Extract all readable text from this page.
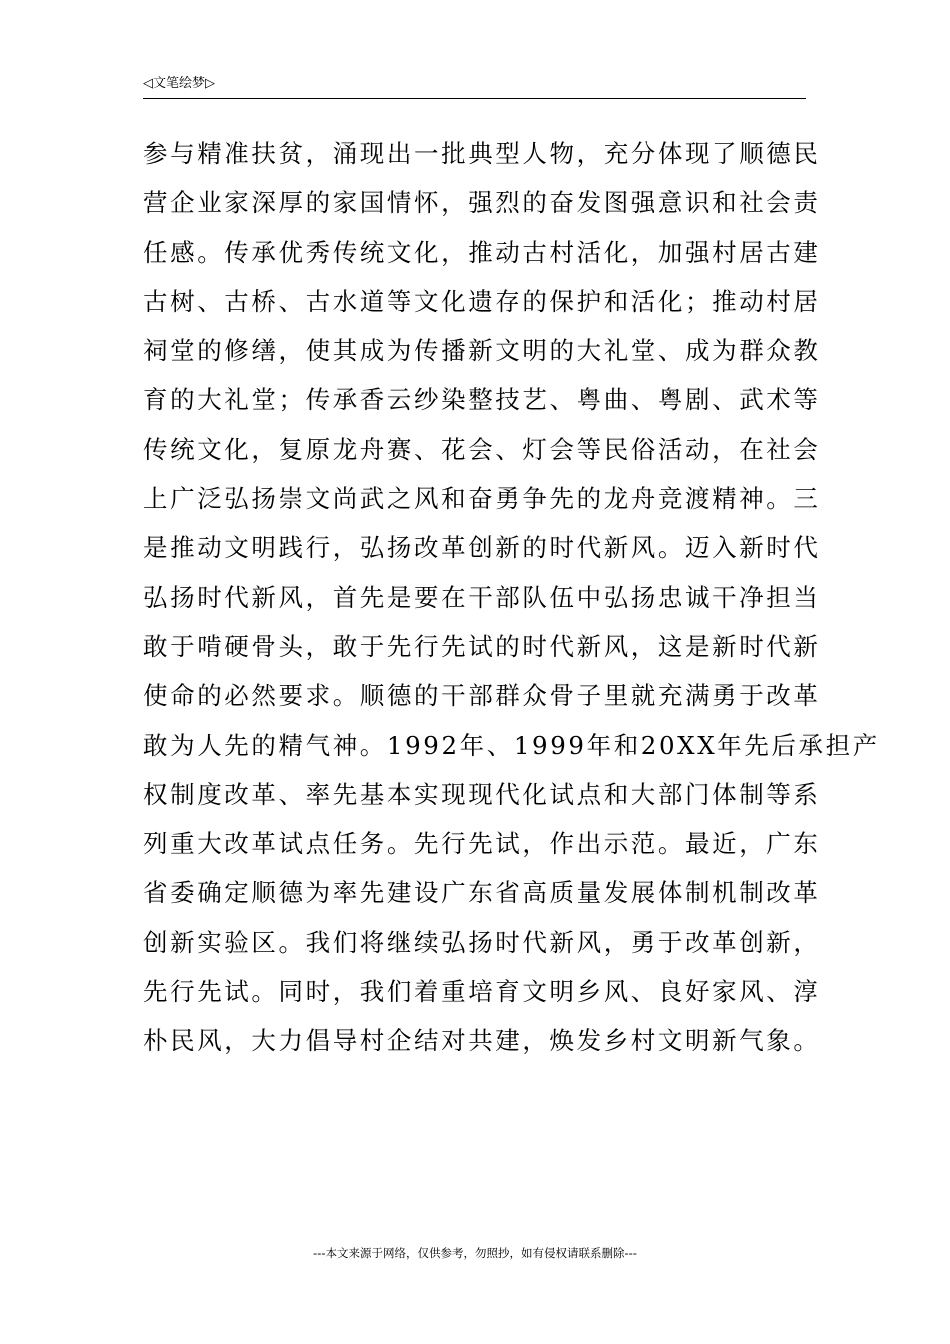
◁文笔绘梦▷
参与精准扶贫，涌现出一批典型人物，充分体现了顺德民
营企业家深厚的家国情怀，强烈的奋发图强意识和社会责
任感。传承优秀传统文化，推动古村活化，加强村居古建
古树、古桥、古水道等文化遗存的保护和活化；推动村居
祠堂的修缮，使其成为传播新文明的大礼堂、成为群众教
育的大礼堂；传承香云纱染整技艺、粤曲、粤剧、武术等
传统文化，复原龙舟赛、花会、灯会等民俗活动，在社会
上广泛弘扬崇文尚武之风和奋勇争先的龙舟竞渡精神。三
是推动文明践行，弘扬改革创新的时代新风。迈入新时代
弘扬时代新风，首先是要在干部队伍中弘扬忠诚干净担当
敢于啃硬骨头，敢于先行先试的时代新风，这是新时代新
使命的必然要求。顺德的干部群众骨子里就充满勇于改革
敢为人先的精气神。1992年、1999年和20XX年先后承担产
权制度改革、率先基本实现现代化试点和大部门体制等系
列重大改革试点任务。先行先试，作出示范。最近，广东
省委确定顺德为率先建设广东省高质量发展体制机制改革
创新实验区。我们将继续弘扬时代新风，勇于改革创新，
先行先试。同时，我们着重培育文明乡风、良好家风、淳
朴民风，大力倡导村企结对共建，焕发乡村文明新气象。
---本文来源于网络，仅供参考，勿照抄，如有侵权请联系删除---
